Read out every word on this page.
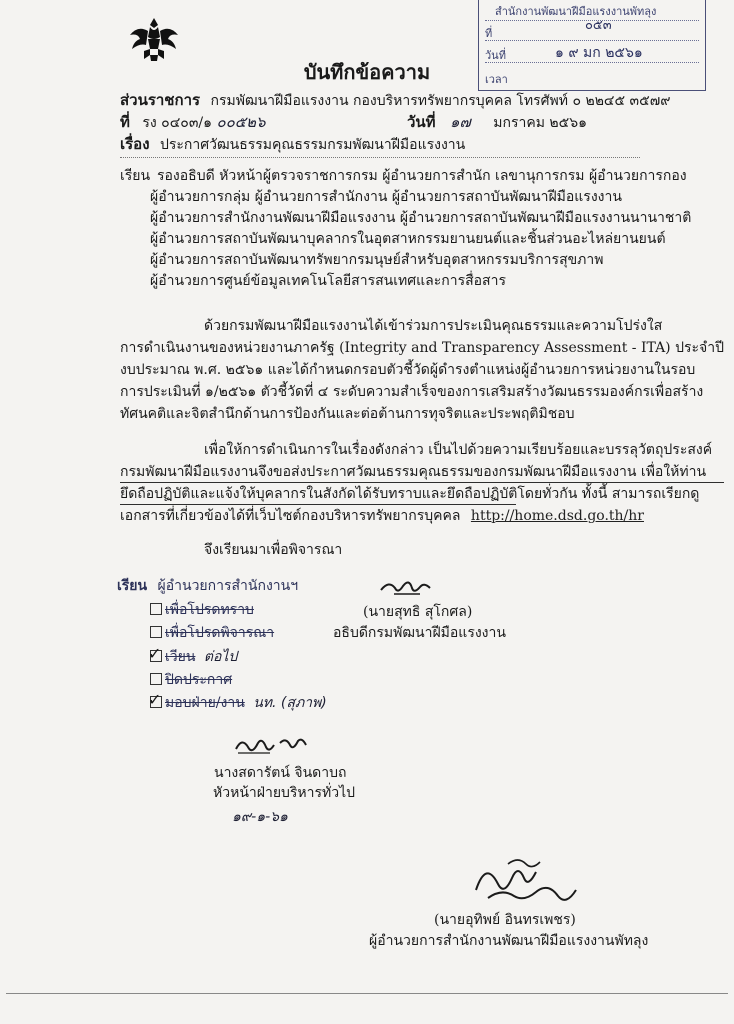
สำนักงานพัฒนาฝีมือแรงงานพัทลุง
ที่
๐๕๓
วันที่	๑ ๙ มก ๒๕๖๑
เวลา
บันทึกข้อความ
ส่วนราชการ กรมพัฒนาฝีมือแรงงาน กองบริหารทรัพยากรบุคคล โทรศัพท์ ๐ ๒๒๔๕ ๓๕๗๙
ที่ รง ๐๔๐๓/๑ ๐๐๕๒๖	วันที่ ๑๗ มกราคม ๒๕๖๑
เรื่อง ประกาศวัฒนธรรมคุณธรรมกรมพัฒนาฝีมือแรงงาน
เรียน รองอธิบดี หัวหน้าผู้ตรวจราชการกรม ผู้อำนวยการสำนัก เลขานุการกรม ผู้อำนวยการกอง
ผู้อำนวยการกลุ่ม ผู้อำนวยการสำนักงาน ผู้อำนวยการสถาบันพัฒนาฝีมือแรงงาน
ผู้อำนวยการสำนักงานพัฒนาฝีมือแรงงาน ผู้อำนวยการสถาบันพัฒนาฝีมือแรงงานนานาชาติ
ผู้อำนวยการสถาบันพัฒนาบุคลากรในอุตสาหกรรมยานยนต์และชิ้นส่วนอะไหล่ยานยนต์
ผู้อำนวยการสถาบันพัฒนาทรัพยากรมนุษย์สำหรับอุตสาหกรรมบริการสุขภาพ
ผู้อำนวยการศูนย์ข้อมูลเทคโนโลยีสารสนเทศและการสื่อสาร
ด้วยกรมพัฒนาฝีมือแรงงานได้เข้าร่วมการประเมินคุณธรรมและความโปร่งใส
การดำเนินงานของหน่วยงานภาครัฐ (Integrity and Transparency Assessment - ITA) ประจำปี
งบประมาณ พ.ศ. ๒๕๖๑ และได้กำหนดกรอบตัวชี้วัดผู้ดำรงตำแหน่งผู้อำนวยการหน่วยงานในรอบ
การประเมินที่ ๑/๒๕๖๑ ตัวชี้วัดที่ ๔ ระดับความสำเร็จของการเสริมสร้างวัฒนธรรมองค์กรเพื่อสร้าง
ทัศนคติและจิตสำนึกด้านการป้องกันและต่อต้านการทุจริตและประพฤติมิชอบ
เพื่อให้การดำเนินการในเรื่องดังกล่าว เป็นไปด้วยความเรียบร้อยและบรรลุวัตถุประสงค์
กรมพัฒนาฝีมือแรงงานจึงขอส่งประกาศวัฒนธรรมคุณธรรมของกรมพัฒนาฝีมือแรงงาน เพื่อให้ท่าน
ยึดถือปฏิบัติและแจ้งให้บุคลากรในสังกัดได้รับทราบและยึดถือปฏิบัติโดยทั่วกัน ทั้งนี้ สามารถเรียกดู
เอกสารที่เกี่ยวข้องได้ที่เว็บไซต์กองบริหารทรัพยากรบุคคล http://home.dsd.go.th/hr
จึงเรียนมาเพื่อพิจารณา
(นายสุทธิ สุโกศล)
อธิบดีกรมพัฒนาฝีมือแรงงาน
เรียน ผู้อำนวยการสำนักงานฯ
เพื่อโปรดทราบ
เพื่อโปรดพิจารณา
เวียน ต่อไป
✓
ปิดประกาศ
มอบฝ่าย/งาน นท. (สุภาพ)
✓
นางสดารัตน์ จินดาบถ
หัวหน้าฝ่ายบริหารทั่วไป
๑๙-๑-๖๑
(นายอุทิพย์ อินทรเพชร)
ผู้อำนวยการสำนักงานพัฒนาฝีมือแรงงานพัทลุง
